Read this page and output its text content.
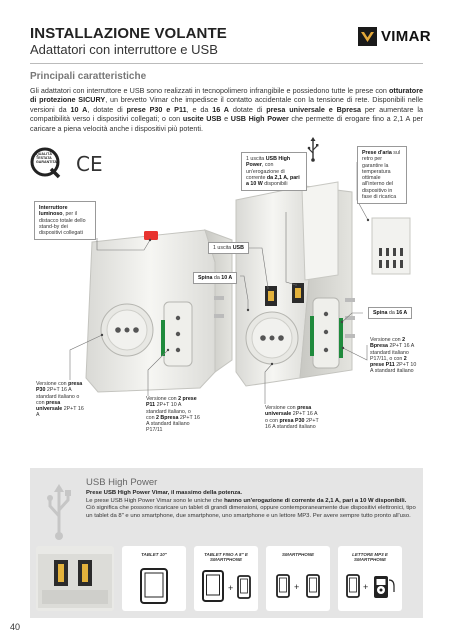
INSTALLAZIONE VOLANTE
Adattatori con interruttore e USB
VIMAR
Principali caratteristiche
Gli adattatori con interruttore e USB sono realizzati in tecnopolimero infrangibile e possiedono tutte le prese con otturatore di protezione SICURY, un brevetto Vimar che impedisce il contatto accidentale con la tensione di rete. Disponibili nelle versioni da 10 A, dotate di prese P30 e P11, e da 16 A dotate di presa universale e Bpresa per aumentare la compatibilità verso i dispositivi collegati; o con uscite USB e USB High Power che permette di erogare fino a 2,1 A per caricare a piena velocità anche i dispositivi più potenti.
QUALITÀ
TESTATA
GARANTITA CE
Interruttore luminoso, per il distacco totale dello stand-by dei dispositivi collegati
1 uscita USB High Power, con un'erogazione di corrente da 2,1 A, pari a 10 W disponibili
Prese d'aria sul retro per garantire la temperatura ottimale all'interno del dispositivo in fase di ricarica
1 uscita USB
Spina da 10 A
Spina da 16 A
Versione con presa P30 2P+T 16 A standard italiano o con presa universale 2P+T 16 A
Versione con 2 prese P11 2P+T 10 A standard italiano, o con 2 Bpresa 2P+T 16 A standard italiano P17/11
Versione con presa universale 2P+T 16 A o con presa P30 2P+T 16 A standard italiano
Versione con 2 Bpresa 2P+T 16 A standard italiano P17/11, o con 2 prese P11 2P+T 10 A standard italiano
USB High Power
Prese USB High Power Vimar, il massimo della potenza.
Le prese USB High Power Vimar sono le uniche che hanno un'erogazione di corrente da 2,1 A, pari a 10 W disponibili. Ciò significa che possono ricaricare un tablet di grandi dimensioni, oppure contemporaneamente due dispositivi elettronici, tipo un tablet da 8" e uno smartphone, due smartphone, uno smartphone e un lettore MP3. Per avere sempre tutto pronto all'uso.
TABLET 10"	TABLET FINO A 8" E SMARTPHONE
+
SMARTPHONE
+
LETTORE MP3 E SMARTPHONE
+
40
